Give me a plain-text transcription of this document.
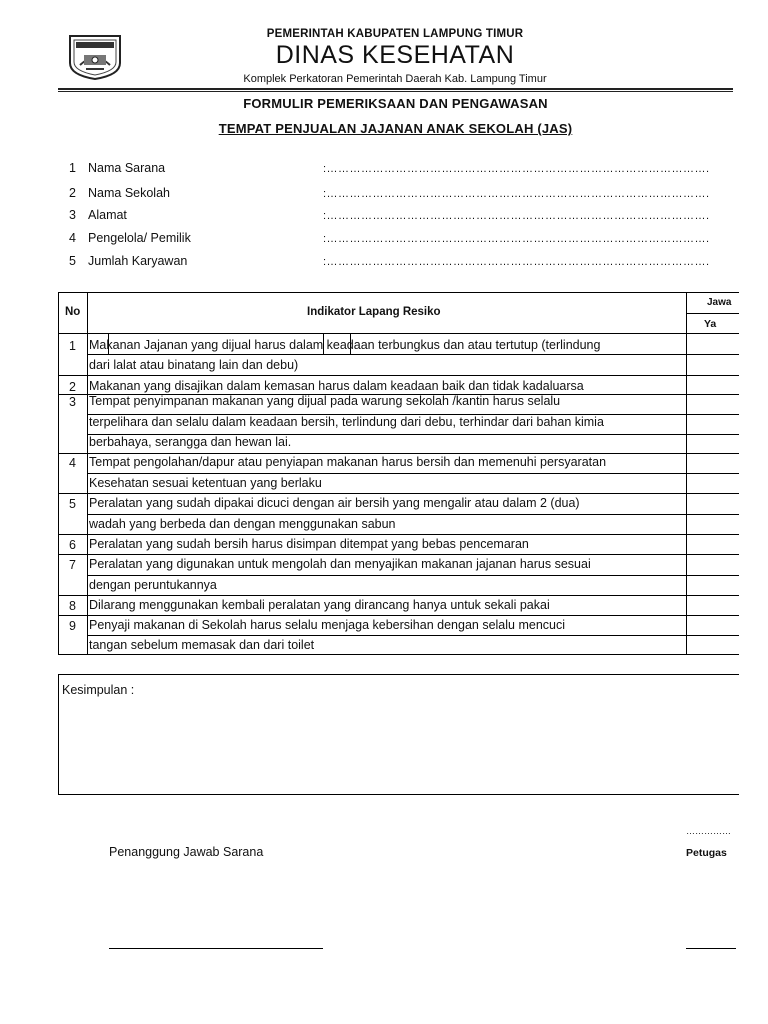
PEMERINTAH KABUPATEN LAMPUNG TIMUR
DINAS KESEHATAN
Komplek Perkatoran Pemerintah Daerah Kab. Lampung Timur
FORMULIR PEMERIKSAAN DAN PENGAWASAN
TEMPAT PENJUALAN JAJANAN ANAK SEKOLAH (JAS)
1 Nama Sarana	:……………………………………………………………………………………….
2 Nama Sekolah	:……………………………………………………………………………………….
3 Alamat	:……………………………………………………………………………………….
4 Pengelola/ Pemilik	:……………………………………………………………………………………….
5 Jumlah Karyawan	:……………………………………………………………………………………….
No	Indikator Lapang Resiko
Jawa
Ya
1 Makanan Jajanan yang dijual harus dalam keadaan terbungkus dan atau tertutup (terlindung
dari lalat atau binatang lain dan debu)
2 Makanan yang disajikan dalam kemasan harus dalam keadaan baik dan tidak kadaluarsa
3 Tempat penyimpanan makanan yang dijual pada warung sekolah /kantin harus selalu
terpelihara dan selalu dalam keadaan bersih, terlindung dari debu, terhindar dari bahan kimia
berbahaya, serangga dan hewan lai.
4 Tempat pengolahan/dapur atau penyiapan makanan harus bersih dan memenuhi persyaratan
Kesehatan sesuai ketentuan yang berlaku
5 Peralatan yang sudah dipakai dicuci dengan air bersih yang mengalir atau dalam 2 (dua)
wadah yang berbeda dan dengan menggunakan sabun
6 Peralatan yang sudah bersih harus disimpan ditempat yang bebas pencemaran
7 Peralatan yang digunakan untuk mengolah dan menyajikan makanan jajanan harus sesuai
dengan peruntukannya
8 Dilarang menggunakan kembali peralatan yang dirancang hanya untuk sekali pakai
9 Penyaji makanan di Sekolah harus selalu menjaga kebersihan dengan selalu mencuci
tangan sebelum memasak dan dari toilet
Kesimpulan :
……………
Penanggung Jawab Sarana	Petugas
